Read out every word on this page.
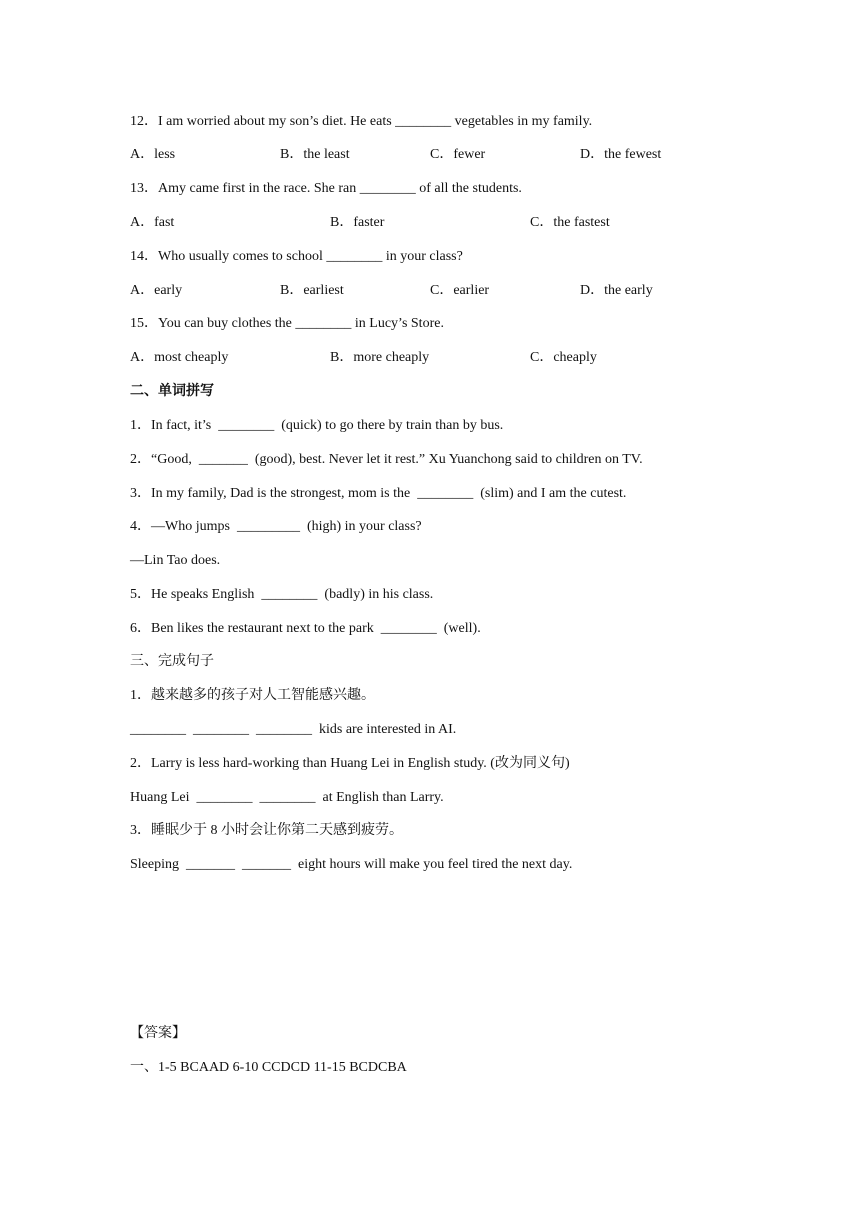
12．I am worried about my son’s diet. He eats ________ vegetables in my family.
A．less	B．the least	C．fewer	D．the fewest
13．Amy came first in the race. She ran ________ of all the students.
A．fast	B．faster	C．the fastest
14．Who usually comes to school ________ in your class?
A．early	B．earliest	C．earlier	D．the early
15．You can buy clothes the ________ in Lucy’s Store.
A．most cheaply	B．more cheaply	C．cheaply
二、单词拼写
1．In fact, it’s  ________  (quick) to go there by train than by bus.
2．“Good,  _______  (good), best. Never let it rest.” Xu Yuanchong said to children on TV.
3．In my family, Dad is the strongest, mom is the  ________  (slim) and I am the cutest.
4．—Who jumps  _________  (high) in your class?
—Lin Tao does.
5．He speaks English  ________  (badly) in his class.
6．Ben likes the restaurant next to the park  ________  (well).
三、完成句子
1．越来越多的孩子对人工智能感兴趣。
________  ________  ________  kids are interested in AI.
2．Larry is less hard-working than Huang Lei in English study. (改为同义句)
Huang Lei  ________  ________  at English than Larry.
3．睡眠少于 8 小时会让你第二天感到疲劳。
Sleeping  _______  _______  eight hours will make you feel tired the next day.
【答案】
一、1-5 BCAAD 6-10 CCDCD 11-15 BCDCBA
